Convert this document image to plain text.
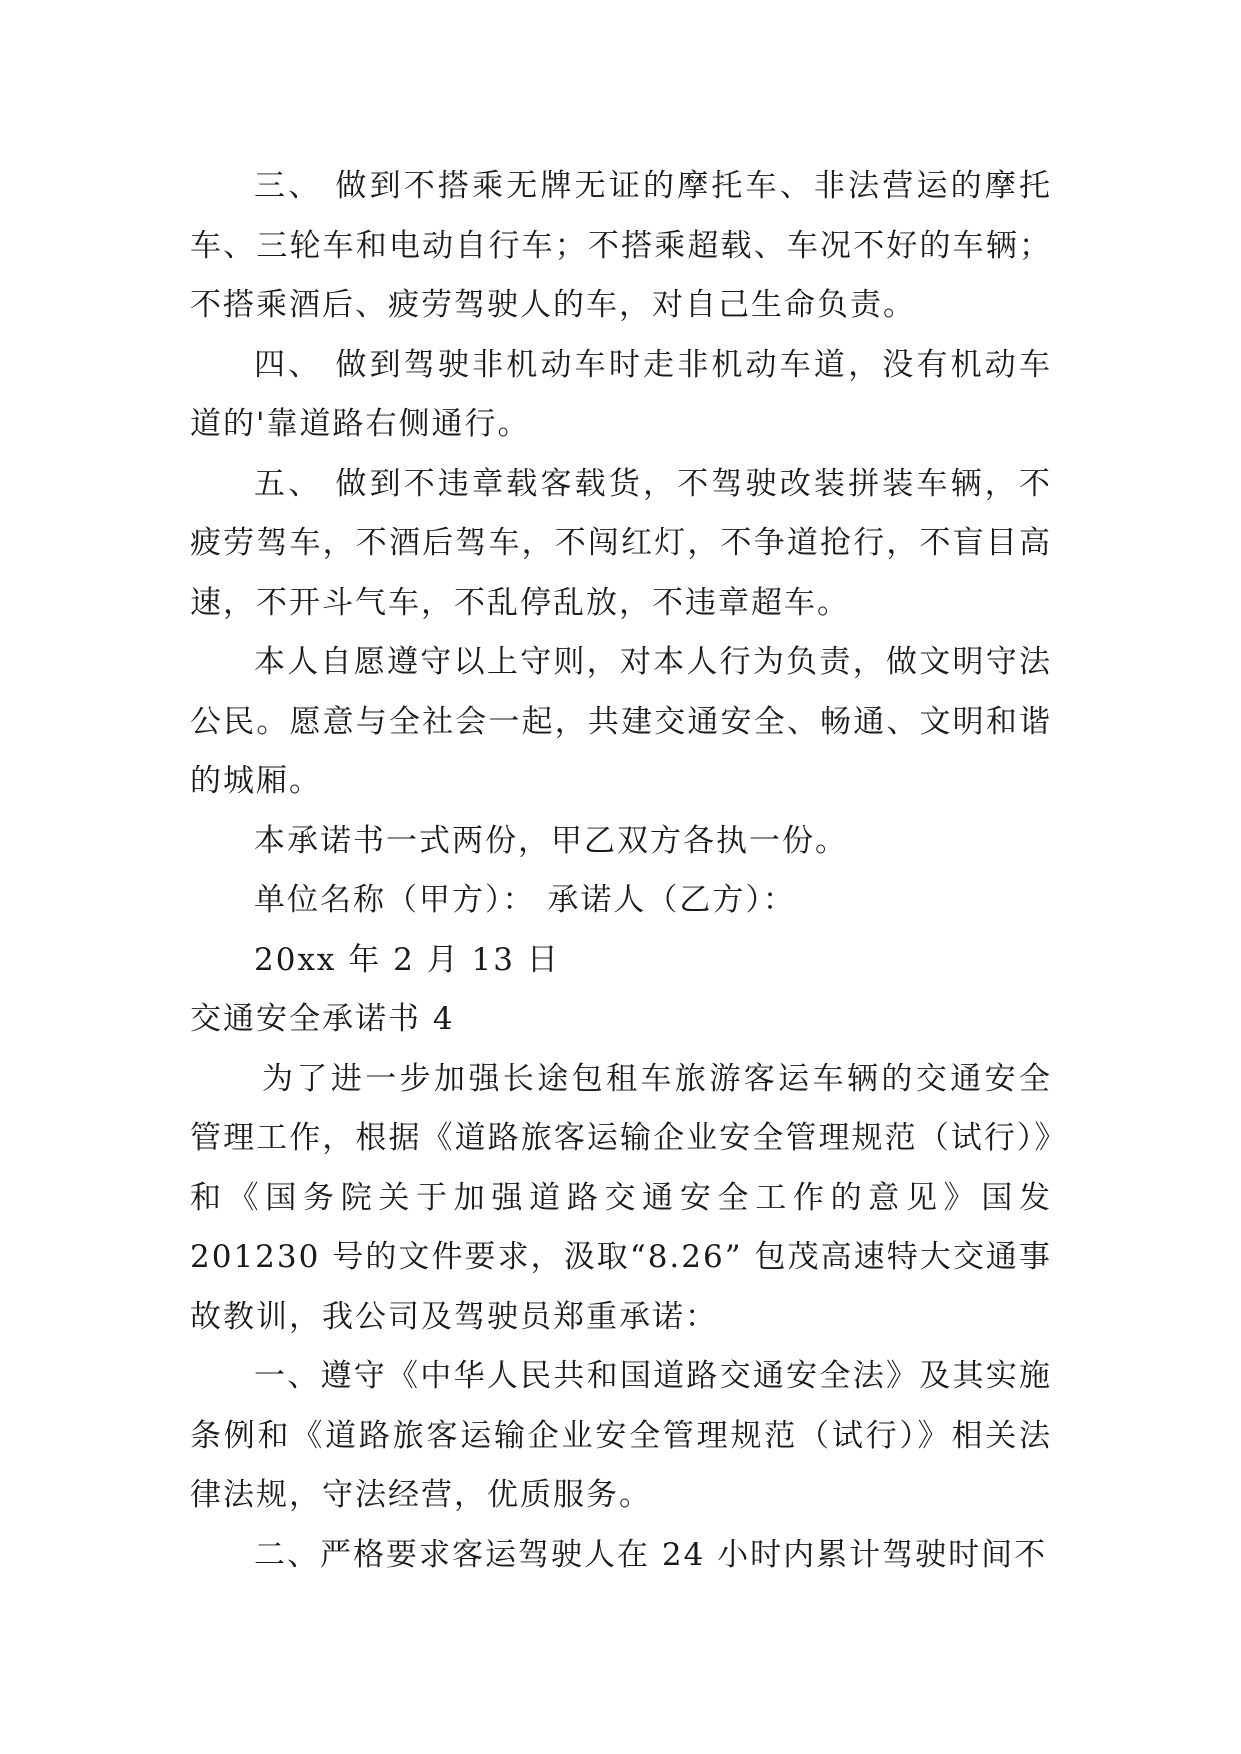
三、 做到不搭乘无牌无证的摩托车、非法营运的摩托车、三轮车和电动自行车；不搭乘超载、车况不好的车辆；不搭乘酒后、疲劳驾驶人的车，对自己生命负责。

四、 做到驾驶非机动车时走非机动车道，没有机动车道的'靠道路右侧通行。

五、 做到不违章载客载货，不驾驶改装拼装车辆，不疲劳驾车，不酒后驾车，不闯红灯，不争道抢行，不盲目高速，不开斗气车，不乱停乱放，不违章超车。

本人自愿遵守以上守则，对本人行为负责，做文明守法公民。愿意与全社会一起，共建交通安全、畅通、文明和谐的城厢。

本承诺书一式两份，甲乙双方各执一份。

单位名称（甲方）： 承诺人（乙方）：

20xx 年 2 月 13 日

交通安全承诺书 4

为了进一步加强长途包租车旅游客运车辆的交通安全管理工作，根据《道路旅客运输企业安全管理规范（试行）》和《国务院关于加强道路交通安全工作的意见》国发 201230 号的文件要求，汲取“8.26” 包茂高速特大交通事故教训，我公司及驾驶员郑重承诺：

一、遵守《中华人民共和国道路交通安全法》及其实施条例和《道路旅客运输企业安全管理规范（试行）》相关法律法规，守法经营，优质服务。

二、严格要求客运驾驶人在 24 小时内累计驾驶时间不
